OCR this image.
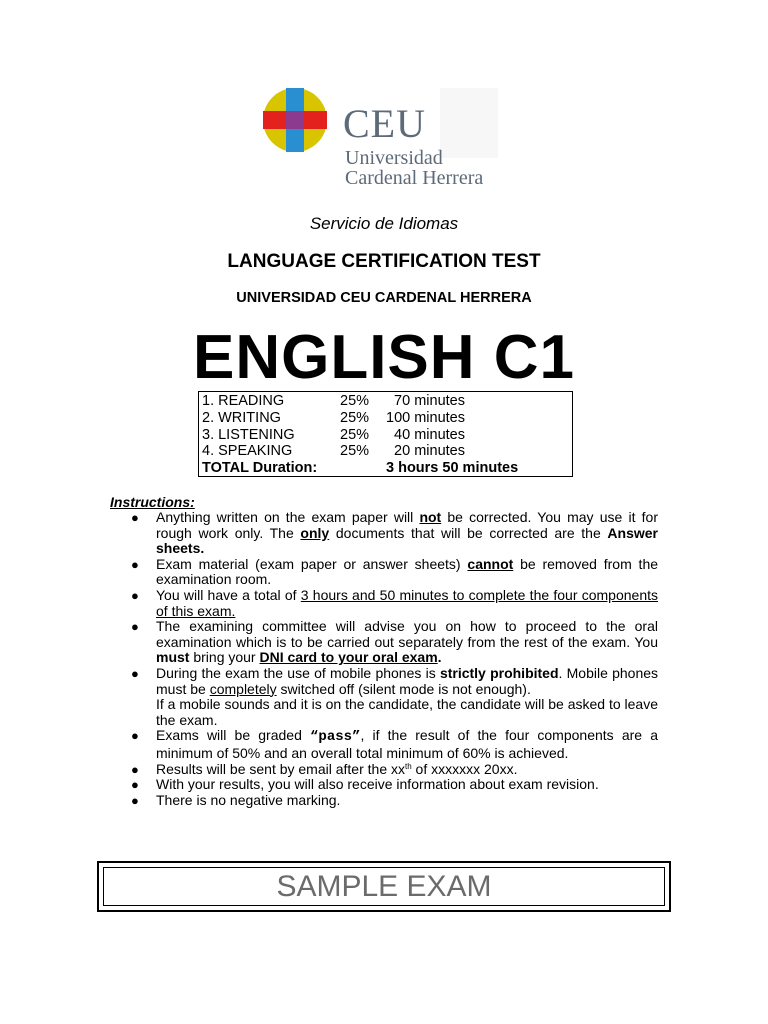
CEU
Universidad
Cardenal Herrera
Servicio de Idiomas
LANGUAGE CERTIFICATION TEST
UNIVERSIDAD CEU CARDENAL HERRERA
ENGLISH C1
1. READING	25% 70 minutes
2. WRITING	25% 100 minutes
3. LISTENING	25% 40 minutes
4. SPEAKING	25% 20 minutes
TOTAL Duration:	3 hours 50 minutes
Instructions:
● Anything written on the exam paper will not be corrected. You may use it for rough work only. The only documents that will be corrected are the Answer sheets.
● Exam material (exam paper or answer sheets) cannot be removed from the examination room.
● You will have a total of 3 hours and 50 minutes to complete the four components of this exam.
● The examining committee will advise you on how to proceed to the oral examination which is to be carried out separately from the rest of the exam. You must bring your DNI card to your oral exam.
● During the exam the use of mobile phones is strictly prohibited. Mobile phones must be completely switched off (silent mode is not enough).
If a mobile sounds and it is on the candidate, the candidate will be asked to leave the exam.
● Exams will be graded “pass”, if the result of the four components are a minimum of 50% and an overall total minimum of 60% is achieved.
● Results will be sent by email after the $xx^{th}$ of xxxxxxx 20xx.
● With your results, you will also receive information about exam revision.
● There is no negative marking.
SAMPLE EXAM
